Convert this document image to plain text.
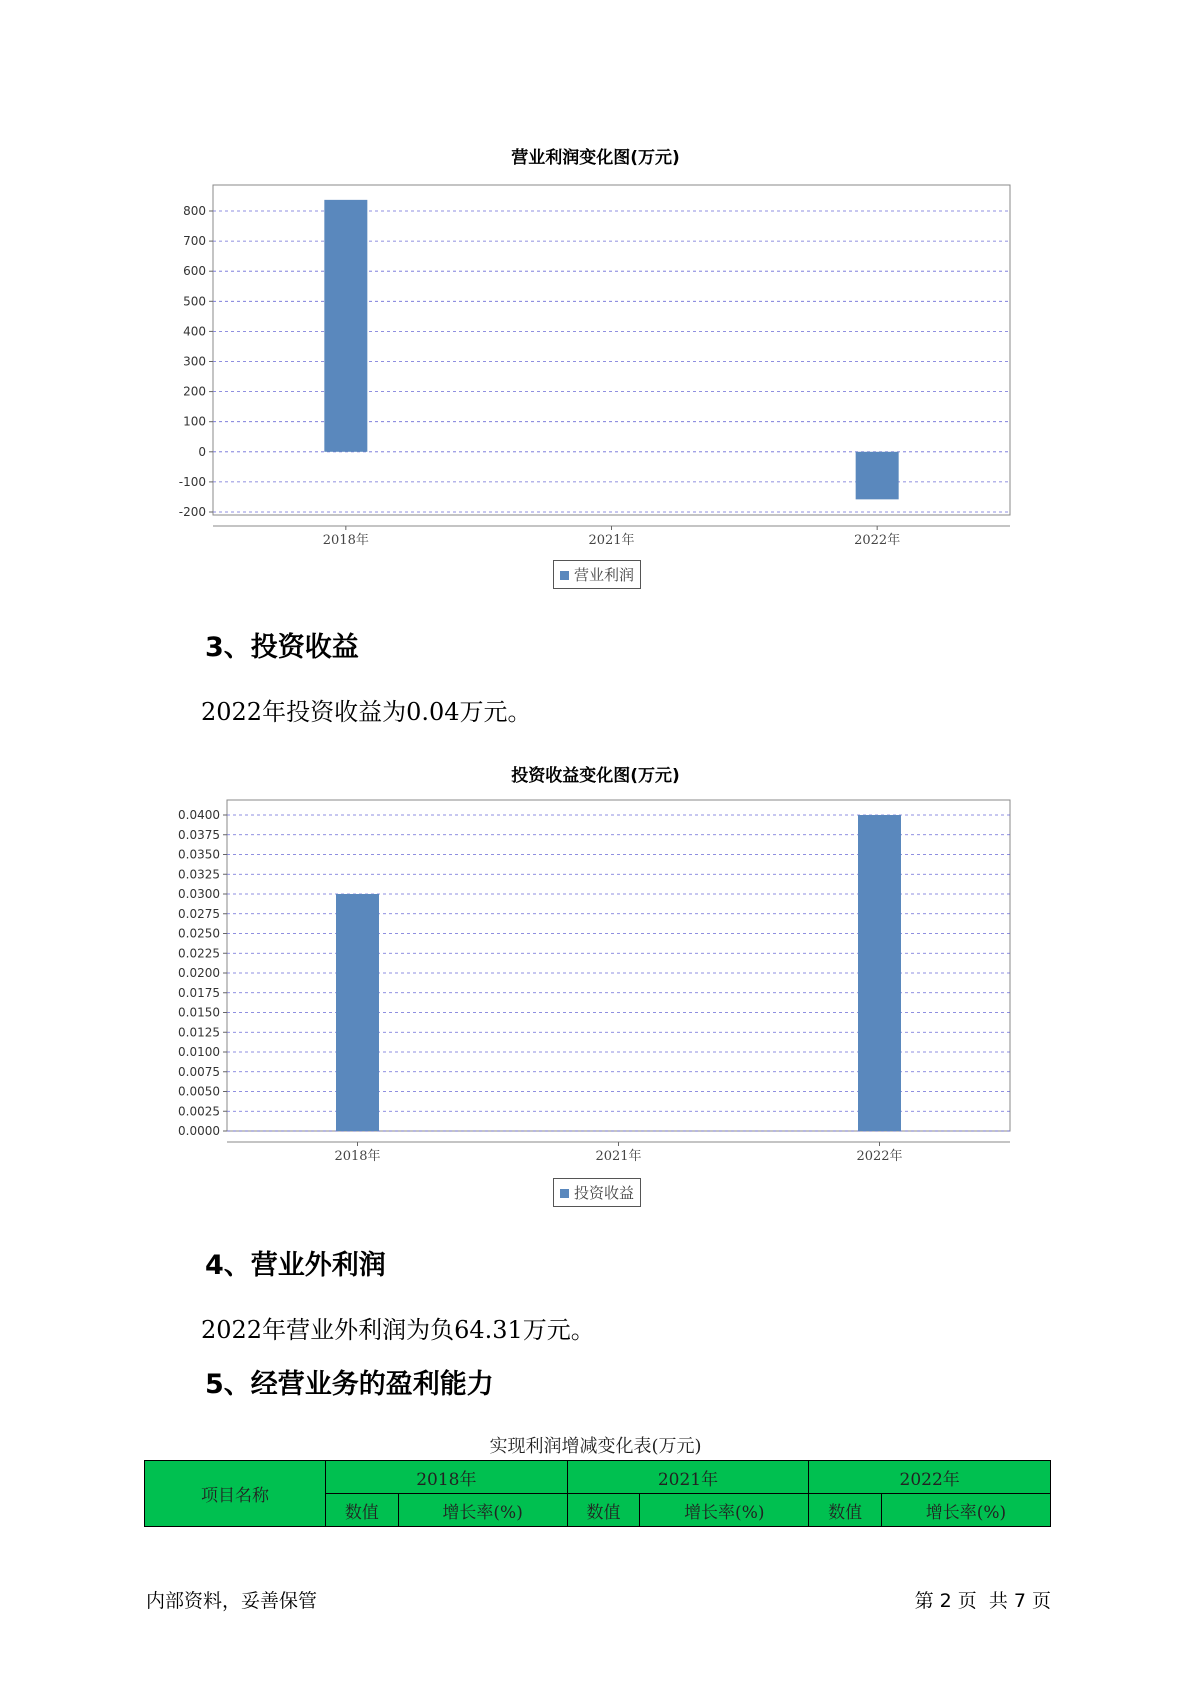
营业利润变化图(万元)
800
700
600
500
400
300
200
100
0
-100
-200
2018年	2021年	2022年
营业利润
3、投资收益
2022年投资收益为0.04万元。
投资收益变化图(万元)
0.0400
0.0375
0.0350
0.0325
0.0300
0.0275
0.0250
0.0225
0.0200
0.0175
0.0150
0.0125
0.0100
0.0075
0.0050
0.0025
0.0000
2018年	2021年	2022年
投资收益
4、营业外利润
2022年营业外利润为负64.31万元。
5、经营业务的盈利能力
实现利润增减变化表(万元)
项目名称	2018年		2021年		2022年	
	数值	增长率(%)	数值	增长率(%)	数值	增长率(%)
内部资料，妥善保管	第 2 页  共 7 页
